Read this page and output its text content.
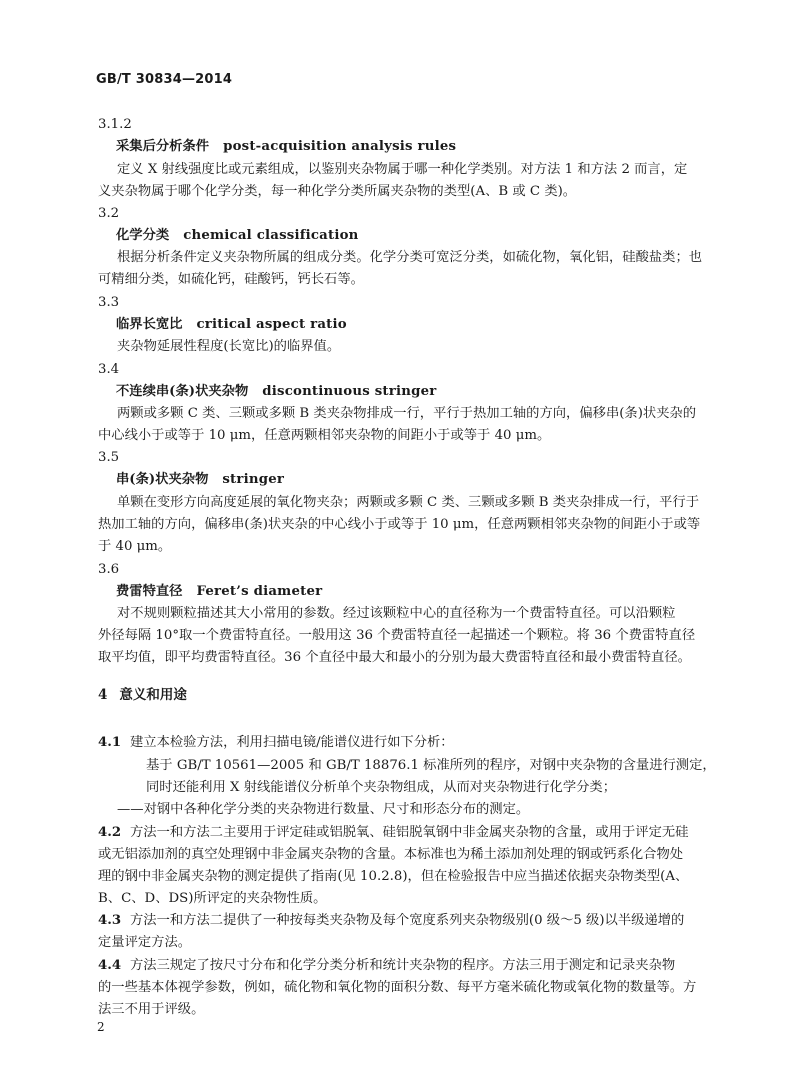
GB/T 30834—2014
3.1.2
采集后分析条件 post-acquisition analysis rules
定义 X 射线强度比或元素组成，以鉴别夹杂物属于哪一种化学类别。对方法 1 和方法 2 而言，定
义夹杂物属于哪个化学分类，每一种化学分类所属夹杂物的类型(A、B 或 C 类)。
3.2
化学分类 chemical classification
根据分析条件定义夹杂物所属的组成分类。化学分类可宽泛分类，如硫化物，氧化铝，硅酸盐类；也
可精细分类，如硫化钙，硅酸钙，钙长石等。
3.3
临界长宽比 critical aspect ratio
夹杂物延展性程度(长宽比)的临界值。
3.4
不连续串(条)状夹杂物 discontinuous stringer
两颗或多颗 C 类、三颗或多颗 B 类夹杂物排成一行，平行于热加工轴的方向，偏移串(条)状夹杂的
中心线小于或等于 10 μm，任意两颗相邻夹杂物的间距小于或等于 40 μm。
3.5
串(条)状夹杂物 stringer
单颗在变形方向高度延展的氧化物夹杂；两颗或多颗 C 类、三颗或多颗 B 类夹杂排成一行，平行于
热加工轴的方向，偏移串(条)状夹杂的中心线小于或等于 10 μm，任意两颗相邻夹杂物的间距小于或等
于 40 μm。
3.6
费雷特直径 Feret’s diameter
对不规则颗粒描述其大小常用的参数。经过该颗粒中心的直径称为一个费雷特直径。可以沿颗粒
外径每隔 10°取一个费雷特直径。一般用这 36 个费雷特直径一起描述一个颗粒。将 36 个费雷特直径
取平均值，即平均费雷特直径。36 个直径中最大和最小的分别为最大费雷特直径和最小费雷特直径。
4 意义和用途
4.1 建立本检验方法，利用扫描电镜/能谱仪进行如下分析：
基于 GB/T 10561—2005 和 GB/T 18876.1 标准所列的程序，对钢中夹杂物的含量进行测定，
同时还能利用 X 射线能谱仪分析单个夹杂物组成，从而对夹杂物进行化学分类；
——对钢中各种化学分类的夹杂物进行数量、尺寸和形态分布的测定。
4.2 方法一和方法二主要用于评定硅或铝脱氧、硅铝脱氧钢中非金属夹杂物的含量，或用于评定无硅
或无铝添加剂的真空处理钢中非金属夹杂物的含量。本标准也为稀土添加剂处理的钢或钙系化合物处
理的钢中非金属夹杂物的测定提供了指南(见 10.2.8)，但在检验报告中应当描述依据夹杂物类型(A、
B、C、D、DS)所评定的夹杂物性质。
4.3 方法一和方法二提供了一种按每类夹杂物及每个宽度系列夹杂物级别(0 级～5 级)以半级递增的
定量评定方法。
4.4 方法三规定了按尺寸分布和化学分类分析和统计夹杂物的程序。方法三用于测定和记录夹杂物
的一些基本体视学参数，例如，硫化物和氧化物的面积分数、每平方毫米硫化物或氧化物的数量等。方
法三不用于评级。
2
